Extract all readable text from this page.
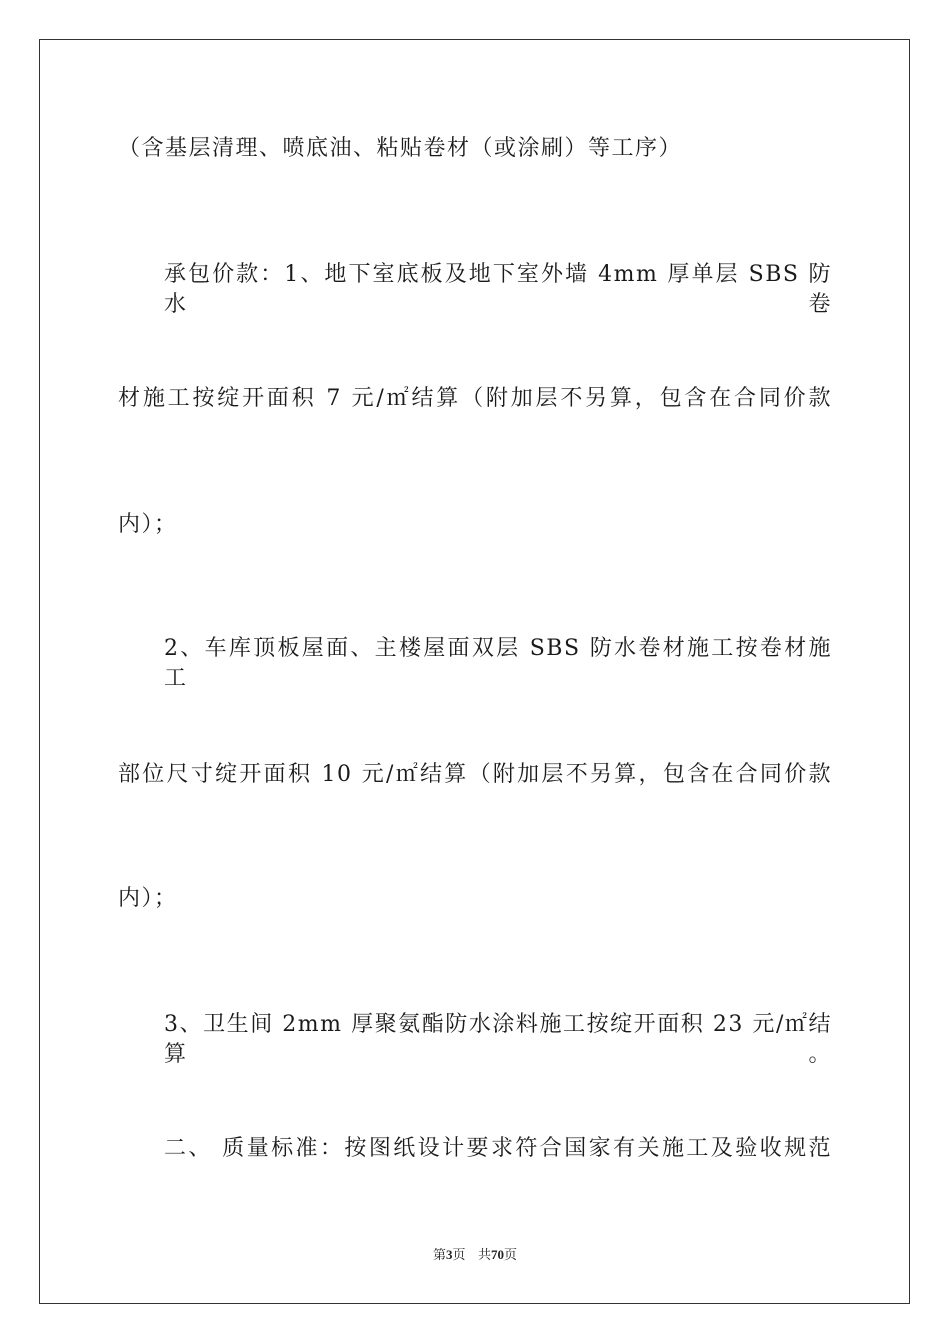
（含基层清理、喷底油、粘贴卷材（或涂刷）等工序）
承包价款：1、地下室底板及地下室外墙 4mm 厚单层 SBS 防水卷
材施工按绽开面积 7 元/㎡结算（附加层不另算，包含在合同价款
内）；
2、车库顶板屋面、主楼屋面双层 SBS 防水卷材施工按卷材施工
部位尺寸绽开面积 10 元/㎡结算（附加层不另算，包含在合同价款
内）；
3、卫生间 2mm 厚聚氨酯防水涂料施工按绽开面积 23 元/㎡结算。
二、 质量标准：按图纸设计要求符合国家有关施工及验收规范
第3页 共70页
